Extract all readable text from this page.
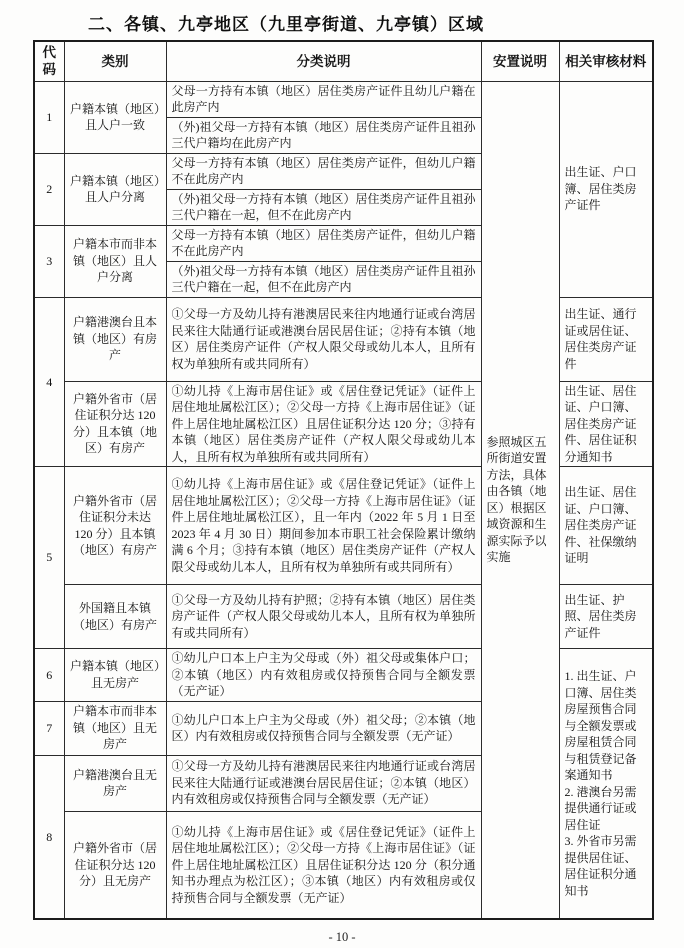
二、各镇、九亭地区（九里亭街道、九亭镇）区域
代码	类别	分类说明	安置说明	相关审核材料
1	户籍本镇（地区）且人户一致	父母一方持有本镇（地区）居住类房产证件且幼儿户籍在此房产内	参照城区五所街道安置方法，具体由各镇（地区）根据区域资源和生源实际予以实施	出生证、户口簿、居住类房产证件
		（外)祖父母一方持有本镇（地区）居住类房产证件且祖孙三代户籍均在此房产内		
2	户籍本镇（地区）且人户分离	父母一方持有本镇（地区）居住类房产证件，但幼儿户籍不在此房产内		
		（外)祖父母一方持有本镇（地区）居住类房产证件且祖孙三代户籍在一起，但不在此房产内		
3	户籍本市而非本镇（地区）且人户分离	父母一方持有本镇（地区）居住类房产证件，但幼儿户籍不在此房产内		
		（外)祖父母一方持有本镇（地区）居住类房产证件且祖孙三代户籍在一起，但不在此房产内		
4	户籍港澳台且本镇（地区）有房产	①父母一方及幼儿持有港澳居民来往内地通行证或台湾居民来往大陆通行证或港澳台居民居住证；②持有本镇（地区）居住类房产证件（产权人限父母或幼儿本人，且所有权为单独所有或共同所有）		出生证、通行证或居住证、居住类房产证件
	户籍外省市（居住证积分达 120 分）且本镇（地区）有房产	①幼儿持《上海市居住证》或《居住登记凭证》（证件上居住地址属松江区）；②父母一方持《上海市居住证》（证件上居住地址属松江区）且居住证积分达 120 分；③持有本镇（地区）居住类房产证件（产权人限父母或幼儿本人，且所有权为单独所有或共同所有）		出生证、居住证、户口簿、居住类房产证件、居住证积分通知书
5	户籍外省市（居住证积分未达 120 分）且本镇（地区）有房产	①幼儿持《上海市居住证》或《居住登记凭证》（证件上居住地址属松江区）；②父母一方持《上海市居住证》（证件上居住地址属松江区），且一年内（2022 年 5 月 1 日至 2023 年 4 月 30 日）期间参加本市职工社会保险累计缴纳满 6 个月；③持有本镇（地区）居住类房产证件（产权人限父母或幼儿本人，且所有权为单独所有或共同所有）		出生证、居住证、户口簿、居住类房产证件、社保缴纳证明
	外国籍且本镇（地区）有房产	①父母一方及幼儿持有护照；②持有本镇（地区）居住类房产证件（产权人限父母或幼儿本人，且所有权为单独所有或共同所有）		出生证、护照、居住类房产证件
6	户籍本镇（地区）且无房产	①幼儿户口本上户主为父母或（外）祖父母或集体户口；②本镇（地区）内有效租房或仅持预售合同与全额发票（无产证）		1. 出生证、户口簿、居住类房屋预售合同与全额发票或房屋租赁合同与租赁登记备案通知书
2. 港澳台另需提供通行证或居住证
3. 外省市另需提供居住证、居住证积分通知书

7	户籍本市而非本镇（地区）且无房产	①幼儿户口本上户主为父母或（外）祖父母；②本镇（地区）内有效租房或仅持预售合同与全额发票（无产证）		
8	户籍港澳台且无房产	①父母一方及幼儿持有港澳居民来往内地通行证或台湾居民来往大陆通行证或港澳台居民居住证；②本镇（地区）内有效租房或仅持预售合同与全额发票（无产证）		
	户籍外省市（居住证积分达 120 分）且无房产	①幼儿持《上海市居住证》或《居住登记凭证》（证件上居住地址属松江区）；②父母一方持《上海市居住证》（证件上居住地址属松江区）且居住证积分达 120 分（积分通知书办理点为松江区）；③本镇（地区）内有效租房或仅持预售合同与全额发票（无产证）		
- 10 -
